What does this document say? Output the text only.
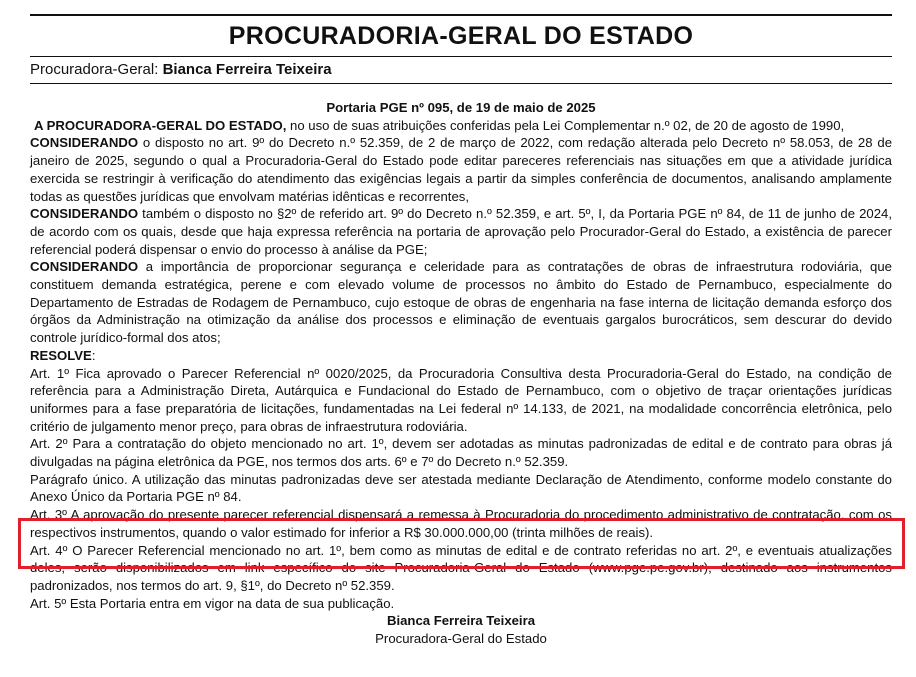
PROCURADORIA-GERAL DO ESTADO
Procuradora-Geral: Bianca Ferreira Teixeira

Portaria PGE nº 095, de 19 de maio de 2025

A PROCURADORA-GERAL DO ESTADO, no uso de suas atribuições conferidas pela Lei Complementar n.º 02, de 20 de agosto de 1990,

CONSIDERANDO o disposto no art. 9º do Decreto n.º 52.359, de 2 de março de 2022, com redação alterada pelo Decreto nº 58.053, de 28 de janeiro de 2025, segundo o qual a Procuradoria-Geral do Estado pode editar pareceres referenciais nas situações em que a atividade jurídica exercida se restringir à verificação do atendimento das exigências legais a partir da simples conferência de documentos, analisando amplamente todas as questões jurídicas que envolvam matérias idênticas e recorrentes,

CONSIDERANDO também o disposto no §2º de referido art. 9º do Decreto n.º 52.359, e art. 5º, I, da Portaria PGE nº 84, de 11 de junho de 2024, de acordo com os quais, desde que haja expressa referência na portaria de aprovação pelo Procurador-Geral do Estado, a existência de parecer referencial poderá dispensar o envio do processo à análise da PGE;

CONSIDERANDO a importância de proporcionar segurança e celeridade para as contratações de obras de infraestrutura rodoviária, que constituem demanda estratégica, perene e com elevado volume de processos no âmbito do Estado de Pernambuco, especialmente do Departamento de Estradas de Rodagem de Pernambuco, cujo estoque de obras de engenharia na fase interna de licitação demanda esforço dos órgãos da Administração na otimização da análise dos processos e eliminação de eventuais gargalos burocráticos, sem descurar do devido controle jurídico-formal dos atos;

RESOLVE:

Art. 1º Fica aprovado o Parecer Referencial nº 0020/2025, da Procuradoria Consultiva desta Procuradoria-Geral do Estado, na condição de referência para a Administração Direta, Autárquica e Fundacional do Estado de Pernambuco, com o objetivo de traçar orientações jurídicas uniformes para a fase preparatória de licitações, fundamentadas na Lei federal nº 14.133, de 2021, na modalidade concorrência eletrônica, pelo critério de julgamento menor preço, para obras de infraestrutura rodoviária.

Art. 2º Para a contratação do objeto mencionado no art. 1º, devem ser adotadas as minutas padronizadas de edital e de contrato para obras já divulgadas na página eletrônica da PGE, nos termos dos arts. 6º e 7º do Decreto n.º 52.359.

Parágrafo único. A utilização das minutas padronizadas deve ser atestada mediante Declaração de Atendimento, conforme modelo constante do Anexo Único da Portaria PGE nº 84.

Art. 3º A aprovação do presente parecer referencial dispensará a remessa à Procuradoria do procedimento administrativo de contratação, com os respectivos instrumentos, quando o valor estimado for inferior a R$ 30.000.000,00 (trinta milhões de reais).

Art. 4º O Parecer Referencial mencionado no art. 1º, bem como as minutas de edital e de contrato referidas no art. 2º, e eventuais atualizações deles, serão disponibilizados em link específico do site Procuradoria-Geral do Estado (www.pge.pe.gov.br), destinado aos instrumentos padronizados, nos termos do art. 9, §1º, do Decreto nº 52.359.

Art. 5º Esta Portaria entra em vigor na data de sua publicação.

Bianca Ferreira Teixeira

Procuradora-Geral do Estado
